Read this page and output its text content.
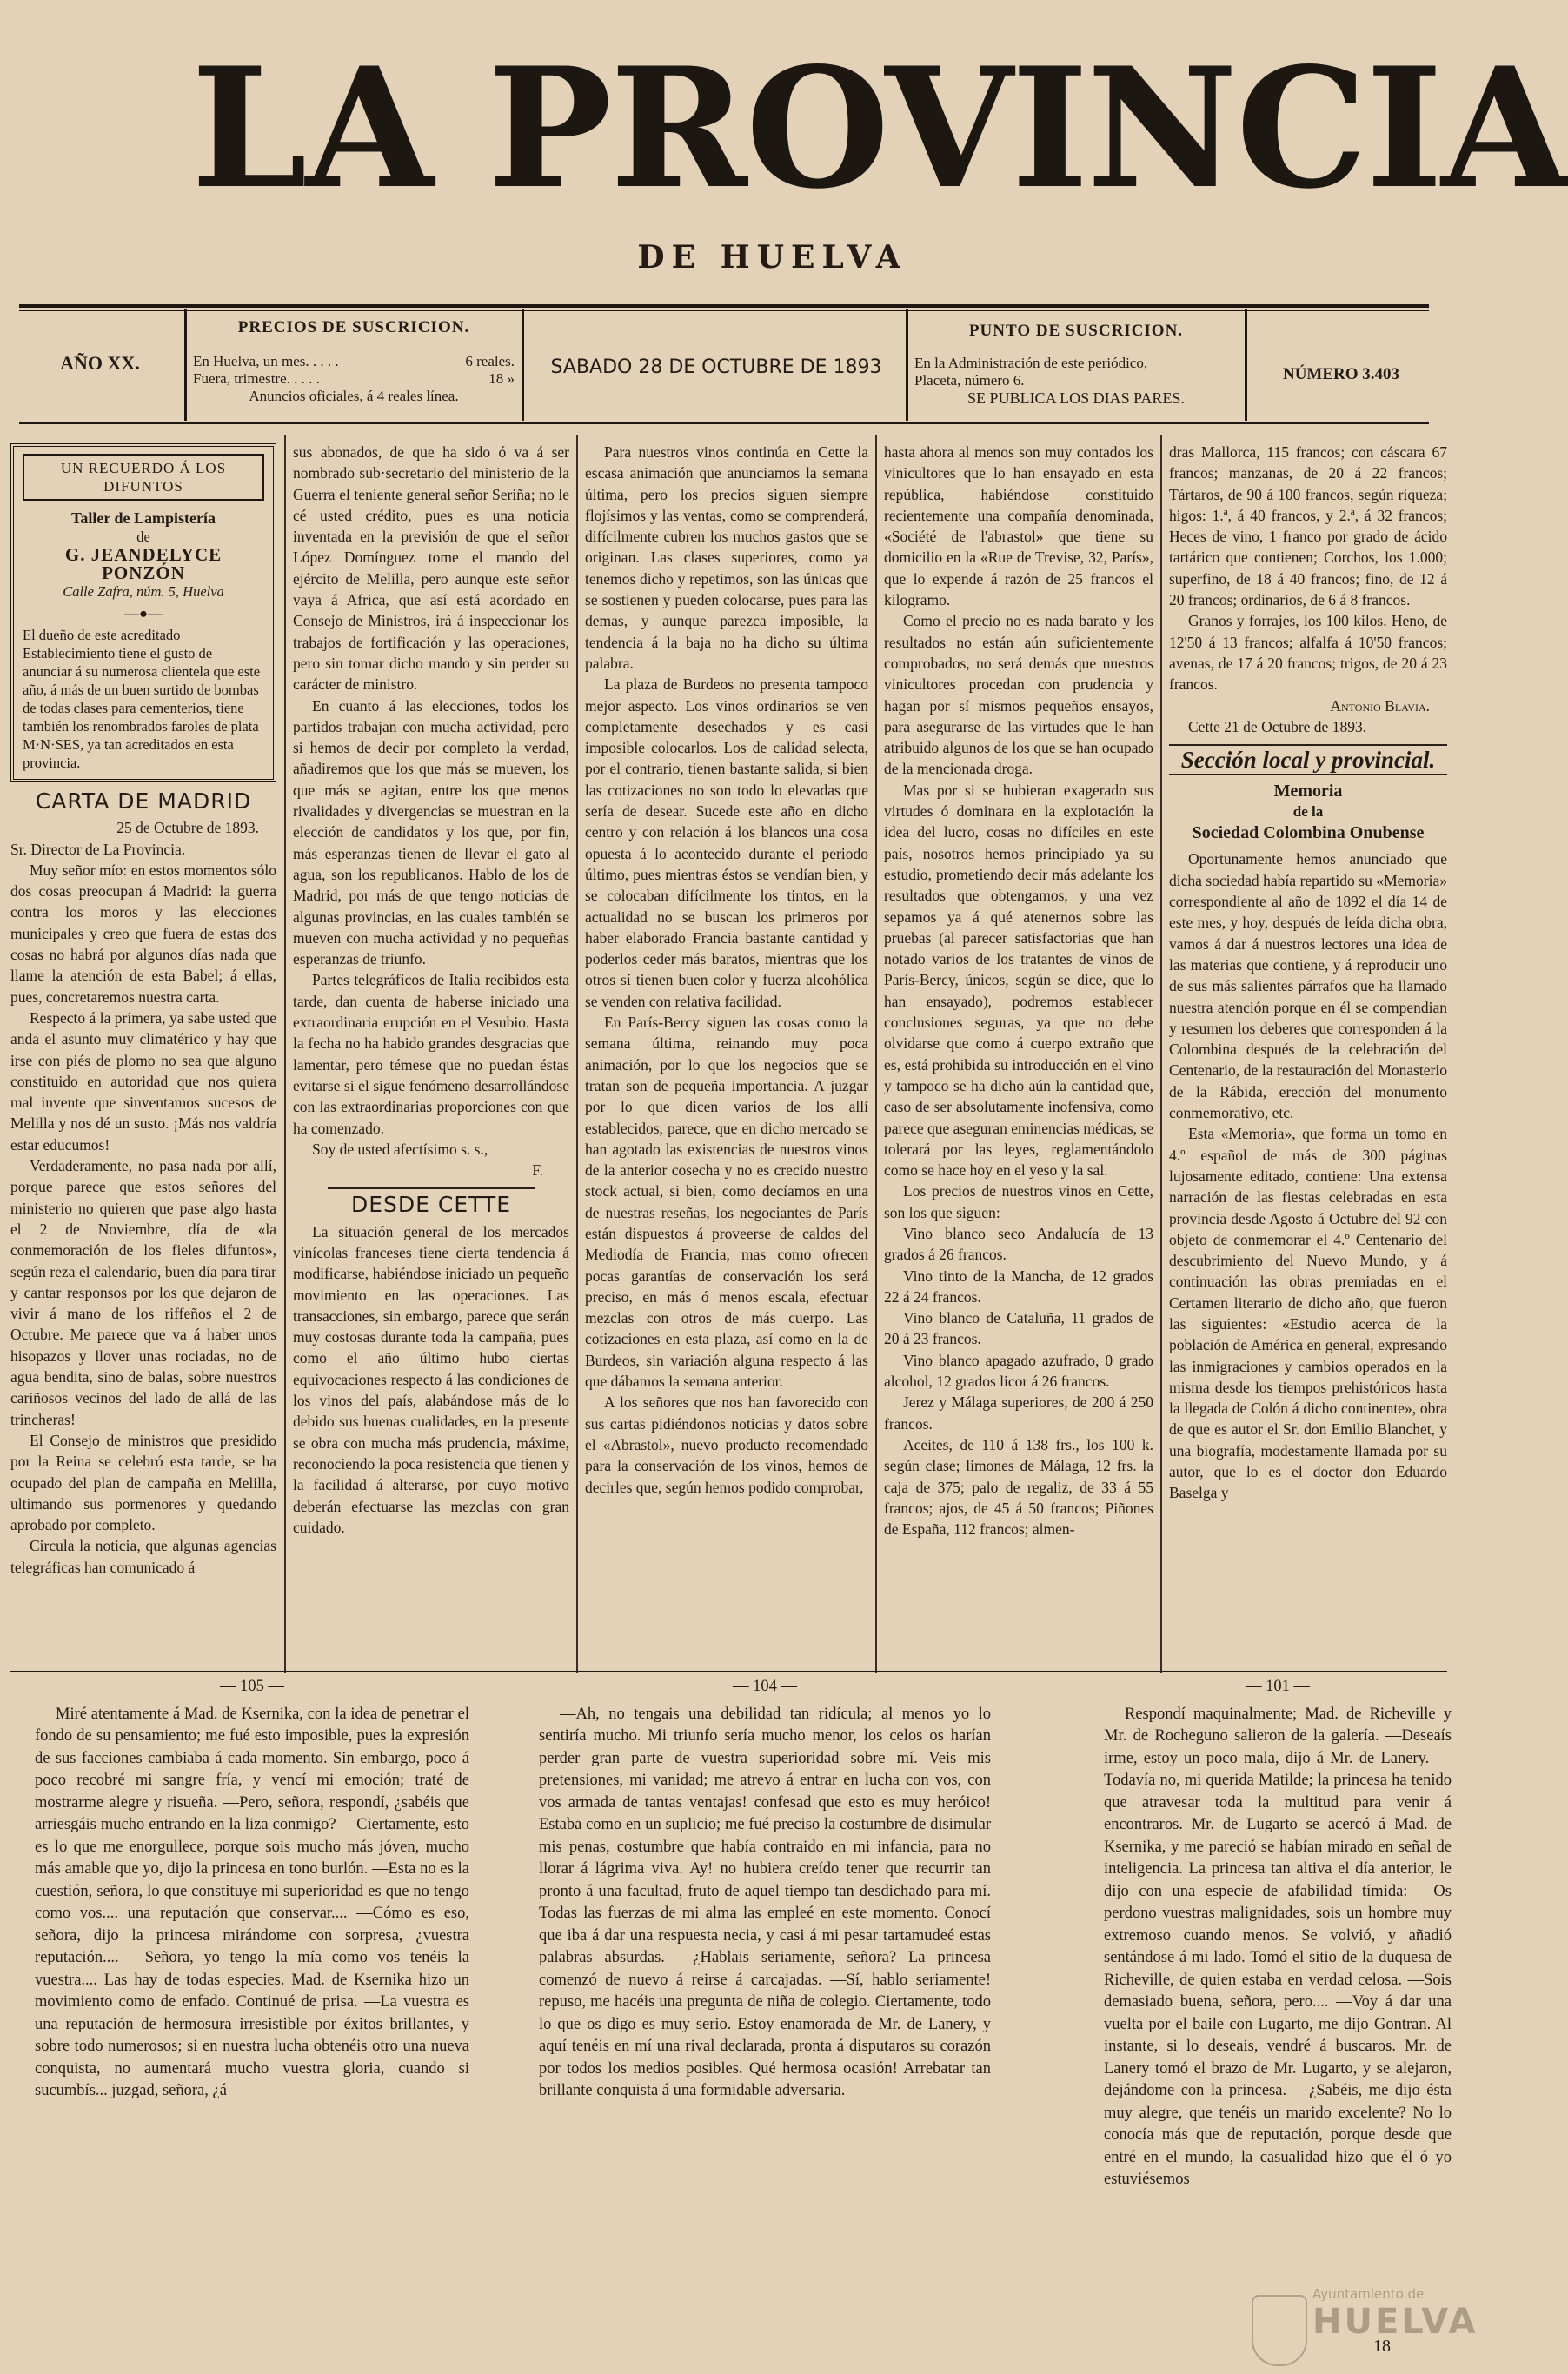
LA PROVINCIA
DE HUELVA
AÑO XX.
PRECIOS DE SUSCRICION.
En Huelva, un mes. . . . .	6 reales.
Fuera, trimestre. . . . .	18 »
Anuncios oficiales, á 4 reales línea.
SABADO 28 DE OCTUBRE DE 1893
PUNTO DE SUSCRICION.
En la Administración de este periódico,
Placeta, número 6.
SE PUBLICA LOS DIAS PARES.
NÚMERO 3.403
UN RECUERDO Á LOS DIFUNTOS
Taller de Lampistería
de
G. JEANDELYCE PONZÓN
Calle Zafra, núm. 5, Huelva
—●—
El dueño de este acreditado Establecimiento tiene el gusto de anunciar á su numerosa clientela que este año, á más de un buen surtido de bombas de todas clases para cementerios, tiene también los renombrados faroles de plata M·N·SES, ya tan acreditados en esta provincia.
CARTA DE MADRID
25 de Octubre de 1893.
Sr. Director de La Provincia.

Muy señor mío: en estos momentos sólo dos cosas preocupan á Madrid: la guerra contra los moros y las elecciones municipales y creo que fuera de estas dos cosas no habrá por algunos días nada que llame la atención de esta Babel; á ellas, pues, concretaremos nuestra carta.

Respecto á la primera, ya sabe usted que anda el asunto muy climatérico y hay que irse con piés de plomo no sea que alguno constituido en autoridad que nos quiera mal invente que sinventamos sucesos de Melilla y nos dé un susto. ¡Más nos valdría estar educumos!

Verdaderamente, no pasa nada por allí, porque parece que estos señores del ministerio no quieren que pase algo hasta el 2 de Noviembre, día de «la conmemoración de los fieles difuntos», según reza el calendario, buen día para tirar y cantar responsos por los que dejaron de vivir á mano de los riffeños el 2 de Octubre. Me parece que va á haber unos hisopazos y llover unas rociadas, no de agua bendita, sino de balas, sobre nuestros cariñosos vecinos del lado de allá de las trincheras!

El Consejo de ministros que presidido por la Reina se celebró esta tarde, se ha ocupado del plan de campaña en Melilla, ultimando sus pormenores y quedando aprobado por completo.

Circula la noticia, que algunas agencias telegráficas han comunicado á

sus abonados, de que ha sido ó va á ser nombrado sub·secretario del ministerio de la Guerra el teniente general señor Seriña; no le cé usted crédito, pues es una noticia inventada en la previsión de que el señor López Domínguez tome el mando del ejército de Melilla, pero aunque este señor vaya á Africa, que así está acordado en Consejo de Ministros, irá á inspeccionar los trabajos de fortificación y las operaciones, pero sin tomar dicho mando y sin perder su carácter de ministro.

En cuanto á las elecciones, todos los partidos trabajan con mucha actividad, pero si hemos de decir por completo la verdad, añadiremos que los que más se mueven, los que más se agitan, entre los que menos rivalidades y divergencias se muestran en la elección de candidatos y los que, por fin, más esperanzas tienen de llevar el gato al agua, son los republicanos. Hablo de los de Madrid, por más de que tengo noticias de algunas provincias, en las cuales también se mueven con mucha actividad y no pequeñas esperanzas de triunfo.

Partes telegráficos de Italia recibidos esta tarde, dan cuenta de haberse iniciado una extraordinaria erupción en el Vesubio. Hasta la fecha no ha habido grandes desgracias que lamentar, pero témese que no puedan éstas evitarse si el sigue fenómeno desarrollándose con las extraordinarias proporciones con que ha comenzado.

Soy de usted afectísimo s. s.,

F.
DESDE CETTE

La situación general de los mercados vinícolas franceses tiene cierta tendencia á modificarse, habiéndose iniciado un pequeño movimiento en las operaciones. Las transacciones, sin embargo, parece que serán muy costosas durante toda la campaña, pues como el año último hubo ciertas equivocaciones respecto á las condiciones de los vinos del país, alabándose más de lo debido sus buenas cualidades, en la presente se obra con mucha más prudencia, máxime, reconociendo la poca resistencia que tienen y la facilidad á alterarse, por cuyo motivo deberán efectuarse las mezclas con gran cuidado.

Para nuestros vinos continúa en Cette la escasa animación que anunciamos la semana última, pero los precios siguen siempre flojísimos y las ventas, como se comprenderá, difícilmente cubren los muchos gastos que se originan. Las clases superiores, como ya tenemos dicho y repetimos, son las únicas que se sostienen y pueden colocarse, pues para las demas, y aunque parezca imposible, la tendencia á la baja no ha dicho su última palabra.

La plaza de Burdeos no presenta tampoco mejor aspecto. Los vinos ordinarios se ven completamente desechados y es casi imposible colocarlos. Los de calidad selecta, por el contrario, tienen bastante salida, si bien las cotizaciones no son todo lo elevadas que sería de desear. Sucede este año en dicho centro y con relación á los blancos una cosa opuesta á lo acontecido durante el periodo último, pues mientras éstos se vendían bien, y se colocaban difícilmente los tintos, en la actualidad no se buscan los primeros por haber elaborado Francia bastante cantidad y poderlos ceder más baratos, mientras que los otros sí tienen buen color y fuerza alcohólica se venden con relativa facilidad.

En París-Bercy siguen las cosas como la semana última, reinando muy poca animación, por lo que los negocios que se tratan son de pequeña importancia. A juzgar por lo que dicen varios de los allí establecidos, parece, que en dicho mercado se han agotado las existencias de nuestros vinos de la anterior cosecha y no es crecido nuestro stock actual, si bien, como decíamos en una de nuestras reseñas, los negociantes de París están dispuestos á proveerse de caldos del Mediodía de Francia, mas como ofrecen pocas garantías de conservación los será preciso, en más ó menos escala, efectuar mezclas con otros de más cuerpo. Las cotizaciones en esta plaza, así como en la de Burdeos, sin variación alguna respecto á las que dábamos la semana anterior.

A los señores que nos han favorecido con sus cartas pidiéndonos noticias y datos sobre el «Abrastol», nuevo producto recomendado para la conservación de los vinos, hemos de decirles que, según hemos podido comprobar,

hasta ahora al menos son muy contados los vinicultores que lo han ensayado en esta república, habiéndose constituido recientemente una compañía denominada, «Société de l'abrastol» que tiene su domicilio en la «Rue de Trevise, 32, París», que lo expende á razón de 25 francos el kilogramo.

Como el precio no es nada barato y los resultados no están aún suficientemente comprobados, no será demás que nuestros vinicultores procedan con prudencia y hagan por sí mismos pequeños ensayos, para asegurarse de las virtudes que le han atribuido algunos de los que se han ocupado de la mencionada droga.

Mas por si se hubieran exagerado sus virtudes ó dominara en la explotación la idea del lucro, cosas no difíciles en este país, nosotros hemos principiado ya su estudio, prometiendo decir más adelante los resultados que obtengamos, y una vez sepamos ya á qué atenernos sobre las pruebas (al parecer satisfactorias que han notado varios de los tratantes de vinos de París-Bercy, únicos, según se dice, que lo han ensayado), podremos establecer conclusiones seguras, ya que no debe olvidarse que como á cuerpo extraño que es, está prohibida su introducción en el vino y tampoco se ha dicho aún la cantidad que, caso de ser absolutamente inofensiva, como parece que aseguran eminencias médicas, se tolerará por las leyes, reglamentándolo como se hace hoy en el yeso y la sal.

Los precios de nuestros vinos en Cette, son los que siguen:

Vino blanco seco Andalucía de 13 grados á 26 francos.

Vino tinto de la Mancha, de 12 grados 22 á 24 francos.

Vino blanco de Cataluña, 11 grados de 20 á 23 francos.

Vino blanco apagado azufrado, 0 grado alcohol, 12 grados licor á 26 francos.

Jerez y Málaga superiores, de 200 á 250 francos.

Aceites, de 110 á 138 frs., los 100 k. según clase; limones de Málaga, 12 frs. la caja de 375; palo de regaliz, de 33 á 55 francos; ajos, de 45 á 50 francos; Piñones de España, 112 francos; almen-

dras Mallorca, 115 francos; con cáscara 67 francos; manzanas, de 20 á 22 francos; Tártaros, de 90 á 100 francos, según riqueza; higos: 1.ª, á 40 francos, y 2.ª, á 32 francos; Heces de vino, 1 franco por grado de ácido tartárico que contienen; Corchos, los 1.000; superfino, de 18 á 40 francos; fino, de 12 á 20 francos; ordinarios, de 6 á 8 francos.

Granos y forrajes, los 100 kilos. Heno, de 12'50 á 13 francos; alfalfa á 10'50 francos; avenas, de 17 á 20 francos; trigos, de 20 á 23 francos.

Antonio Blavia.

Cette 21 de Octubre de 1893.

Sección local y provincial.
Memoria
de la
Sociedad Colombina Onubense

Oportunamente hemos anunciado que dicha sociedad había repartido su «Memoria» correspondiente al año de 1892 el día 14 de este mes, y hoy, después de leída dicha obra, vamos á dar á nuestros lectores una idea de las materias que contiene, y á reproducir uno de sus más salientes párrafos que ha llamado nuestra atención porque en él se compendian y resumen los deberes que corresponden á la Colombina después de la celebración del Centenario, de la restauración del Monasterio de la Rábida, erección del monumento conmemorativo, etc.

Esta «Memoria», que forma un tomo en 4.º español de más de 300 páginas lujosamente editado, contiene: Una extensa narración de las fiestas celebradas en esta provincia desde Agosto á Octubre del 92 con objeto de conmemorar el 4.º Centenario del descubrimiento del Nuevo Mundo, y á continuación las obras premiadas en el Certamen literario de dicho año, que fueron las siguientes: «Estudio acerca de la población de América en general, expresando las inmigraciones y cambios operados en la misma desde los tiempos prehistóricos hasta la llegada de Colón á dicho continente», obra de que es autor el Sr. don Emilio Blanchet, y una biografía, modestamente llamada por su autor, que lo es el doctor don Eduardo Baselga y

— 105 —

Miré atentamente á Mad. de Ksernika, con la idea de penetrar el fondo de su pensamiento; me fué esto imposible, pues la expresión de sus facciones cambiaba á cada momento. Sin embargo, poco á poco recobré mi sangre fría, y vencí mi emoción; traté de mostrarme alegre y risueña. —Pero, señora, respondí, ¿sabéis que arriesgáis mucho entrando en la liza conmigo? —Ciertamente, esto es lo que me enorgullece, porque sois mucho más jóven, mucho más amable que yo, dijo la princesa en tono burlón. —Esta no es la cuestión, señora, lo que constituye mi superioridad es que no tengo como vos.... una reputación que conservar.... —Cómo es eso, señora, dijo la princesa mirándome con sorpresa, ¿vuestra reputación.... —Señora, yo tengo la mía como vos tenéis la vuestra.... Las hay de todas especies. Mad. de Ksernika hizo un movimiento como de enfado. Continué de prisa. —La vuestra es una reputación de hermosura irresistible por éxitos brillantes, y sobre todo numerosos; si en nuestra lucha obtenéis otro una nueva conquista, no aumentará mucho vuestra gloria, cuando si sucumbís... juzgad, señora, ¿á

— 104 —

—Ah, no tengais una debilidad tan ridícula; al menos yo lo sentiría mucho. Mi triunfo sería mucho menor, los celos os harían perder gran parte de vuestra superioridad sobre mí. Veis mis pretensiones, mi vanidad; me atrevo á entrar en lucha con vos, con vos armada de tantas ventajas! confesad que esto es muy heróico! Estaba como en un suplicio; me fué preciso la costumbre de disimular mis penas, costumbre que había contraido en mi infancia, para no llorar á lágrima viva. Ay! no hubiera creído tener que recurrir tan pronto á una facultad, fruto de aquel tiempo tan desdichado para mí. Todas las fuerzas de mi alma las empleé en este momento. Conocí que iba á dar una respuesta necia, y casi á mi pesar tartamudeé estas palabras absurdas. —¿Hablais seriamente, señora? La princesa comenzó de nuevo á reirse á carcajadas. —Sí, hablo seriamente! repuso, me hacéis una pregunta de niña de colegio. Ciertamente, todo lo que os digo es muy serio. Estoy enamorada de Mr. de Lanery, y aquí tenéis en mí una rival declarada, pronta á disputaros su corazón por todos los medios posibles. Qué hermosa ocasión! Arrebatar tan brillante conquista á una formidable adversaria.

— 101 —

Respondí maquinalmente; Mad. de Richeville y Mr. de Rocheguno salieron de la galería. —Deseaís irme, estoy un poco mala, dijo á Mr. de Lanery. —Todavía no, mi querida Matilde; la princesa ha tenido que atravesar toda la multitud para venir á encontraros. Mr. de Lugarto se acercó á Mad. de Ksernika, y me pareció se habían mirado en señal de inteligencia. La princesa tan altiva el día anterior, le dijo con una especie de afabilidad tímida: —Os perdono vuestras malignidades, sois un hombre muy extremoso cuando menos. Se volvió, y añadió sentándose á mi lado. Tomó el sitio de la duquesa de Richeville, de quien estaba en verdad celosa. —Sois demasiado buena, señora, pero.... —Voy á dar una vuelta por el baile con Lugarto, me dijo Gontran. Al instante, si lo deseais, vendré á buscaros. Mr. de Lanery tomó el brazo de Mr. Lugarto, y se alejaron, dejándome con la princesa. —¿Sabéis, me dijo ésta muy alegre, que tenéis un marido excelente? No lo conocía más que de reputación, porque desde que entré en el mundo, la casualidad hizo que él ó yo estuviésemos

18
Ayuntamiento de
HUELVA
